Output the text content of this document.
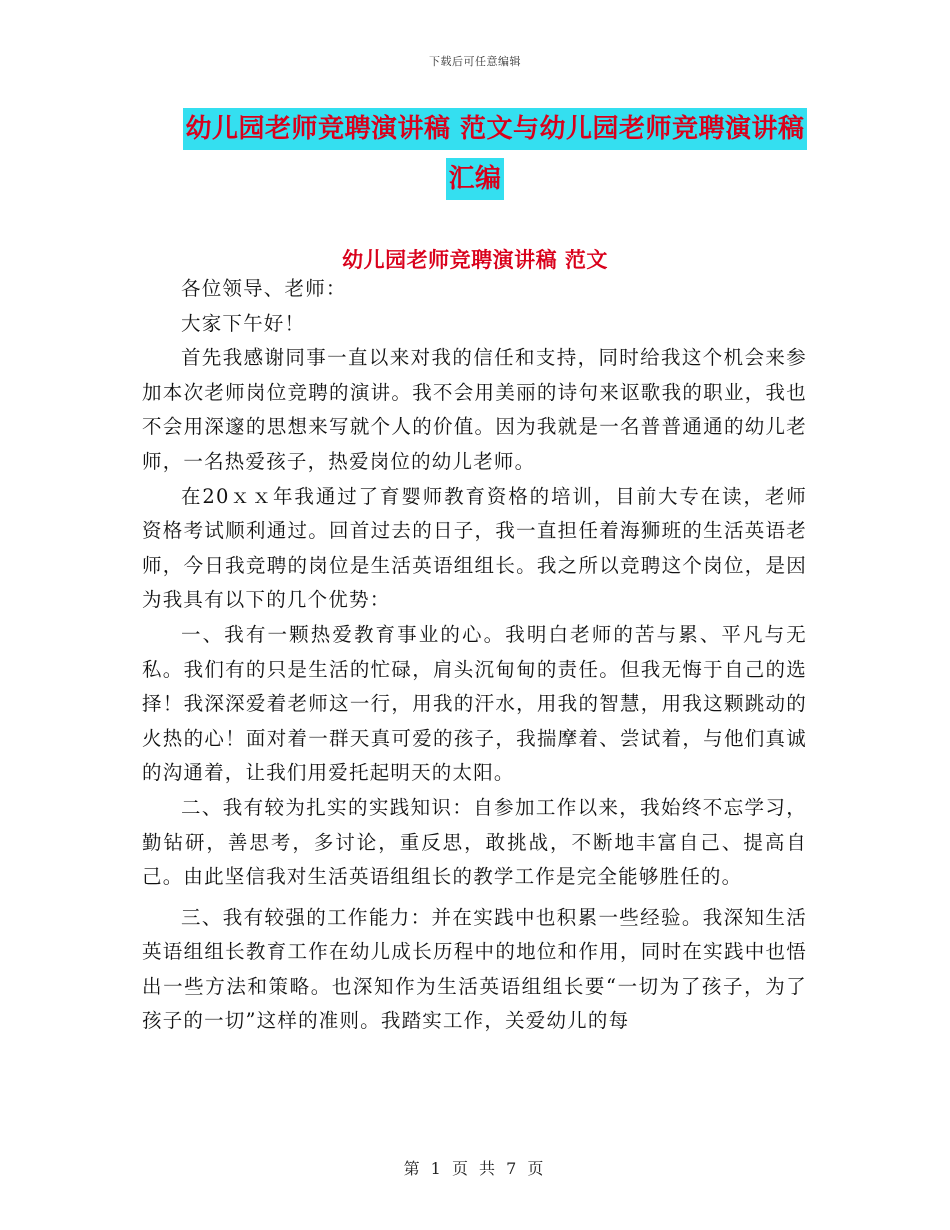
下载后可任意编辑
幼儿园老师竞聘演讲稿 范文与幼儿园老师竞聘演讲稿
汇编
幼儿园老师竞聘演讲稿 范文

各位领导、老师：

大家下午好！

首先我感谢同事一直以来对我的信任和支持，同时给我这个机会来参加本次老师岗位竞聘的演讲。我不会用美丽的诗句来讴歌我的职业，我也不会用深邃的思想来写就个人的价值。因为我就是一名普普通通的幼儿老师，一名热爱孩子，热爱岗位的幼儿老师。

在20ｘｘ年我通过了育婴师教育资格的培训，目前大专在读，老师资格考试顺利通过。回首过去的日子，我一直担任着海狮班的生活英语老师，今日我竞聘的岗位是生活英语组组长。我之所以竞聘这个岗位，是因为我具有以下的几个优势：

一、我有一颗热爱教育事业的心。我明白老师的苦与累、平凡与无私。我们有的只是生活的忙碌，肩头沉甸甸的责任。但我无悔于自己的选择！我深深爱着老师这一行，用我的汗水，用我的智慧，用我这颗跳动的火热的心！面对着一群天真可爱的孩子，我揣摩着、尝试着，与他们真诚的沟通着，让我们用爱托起明天的太阳。

二、我有较为扎实的实践知识：自参加工作以来，我始终不忘学习，勤钻研，善思考，多讨论，重反思，敢挑战，不断地丰富自己、提高自己。由此坚信我对生活英语组组长的教学工作是完全能够胜任的。

三、我有较强的工作能力：并在实践中也积累一些经验。我深知生活英语组组长教育工作在幼儿成长历程中的地位和作用，同时在实践中也悟出一些方法和策略。也深知作为生活英语组组长要“一切为了孩子，为了孩子的一切”这样的准则。我踏实工作，关爱幼儿的每

第 1 页 共 7 页
